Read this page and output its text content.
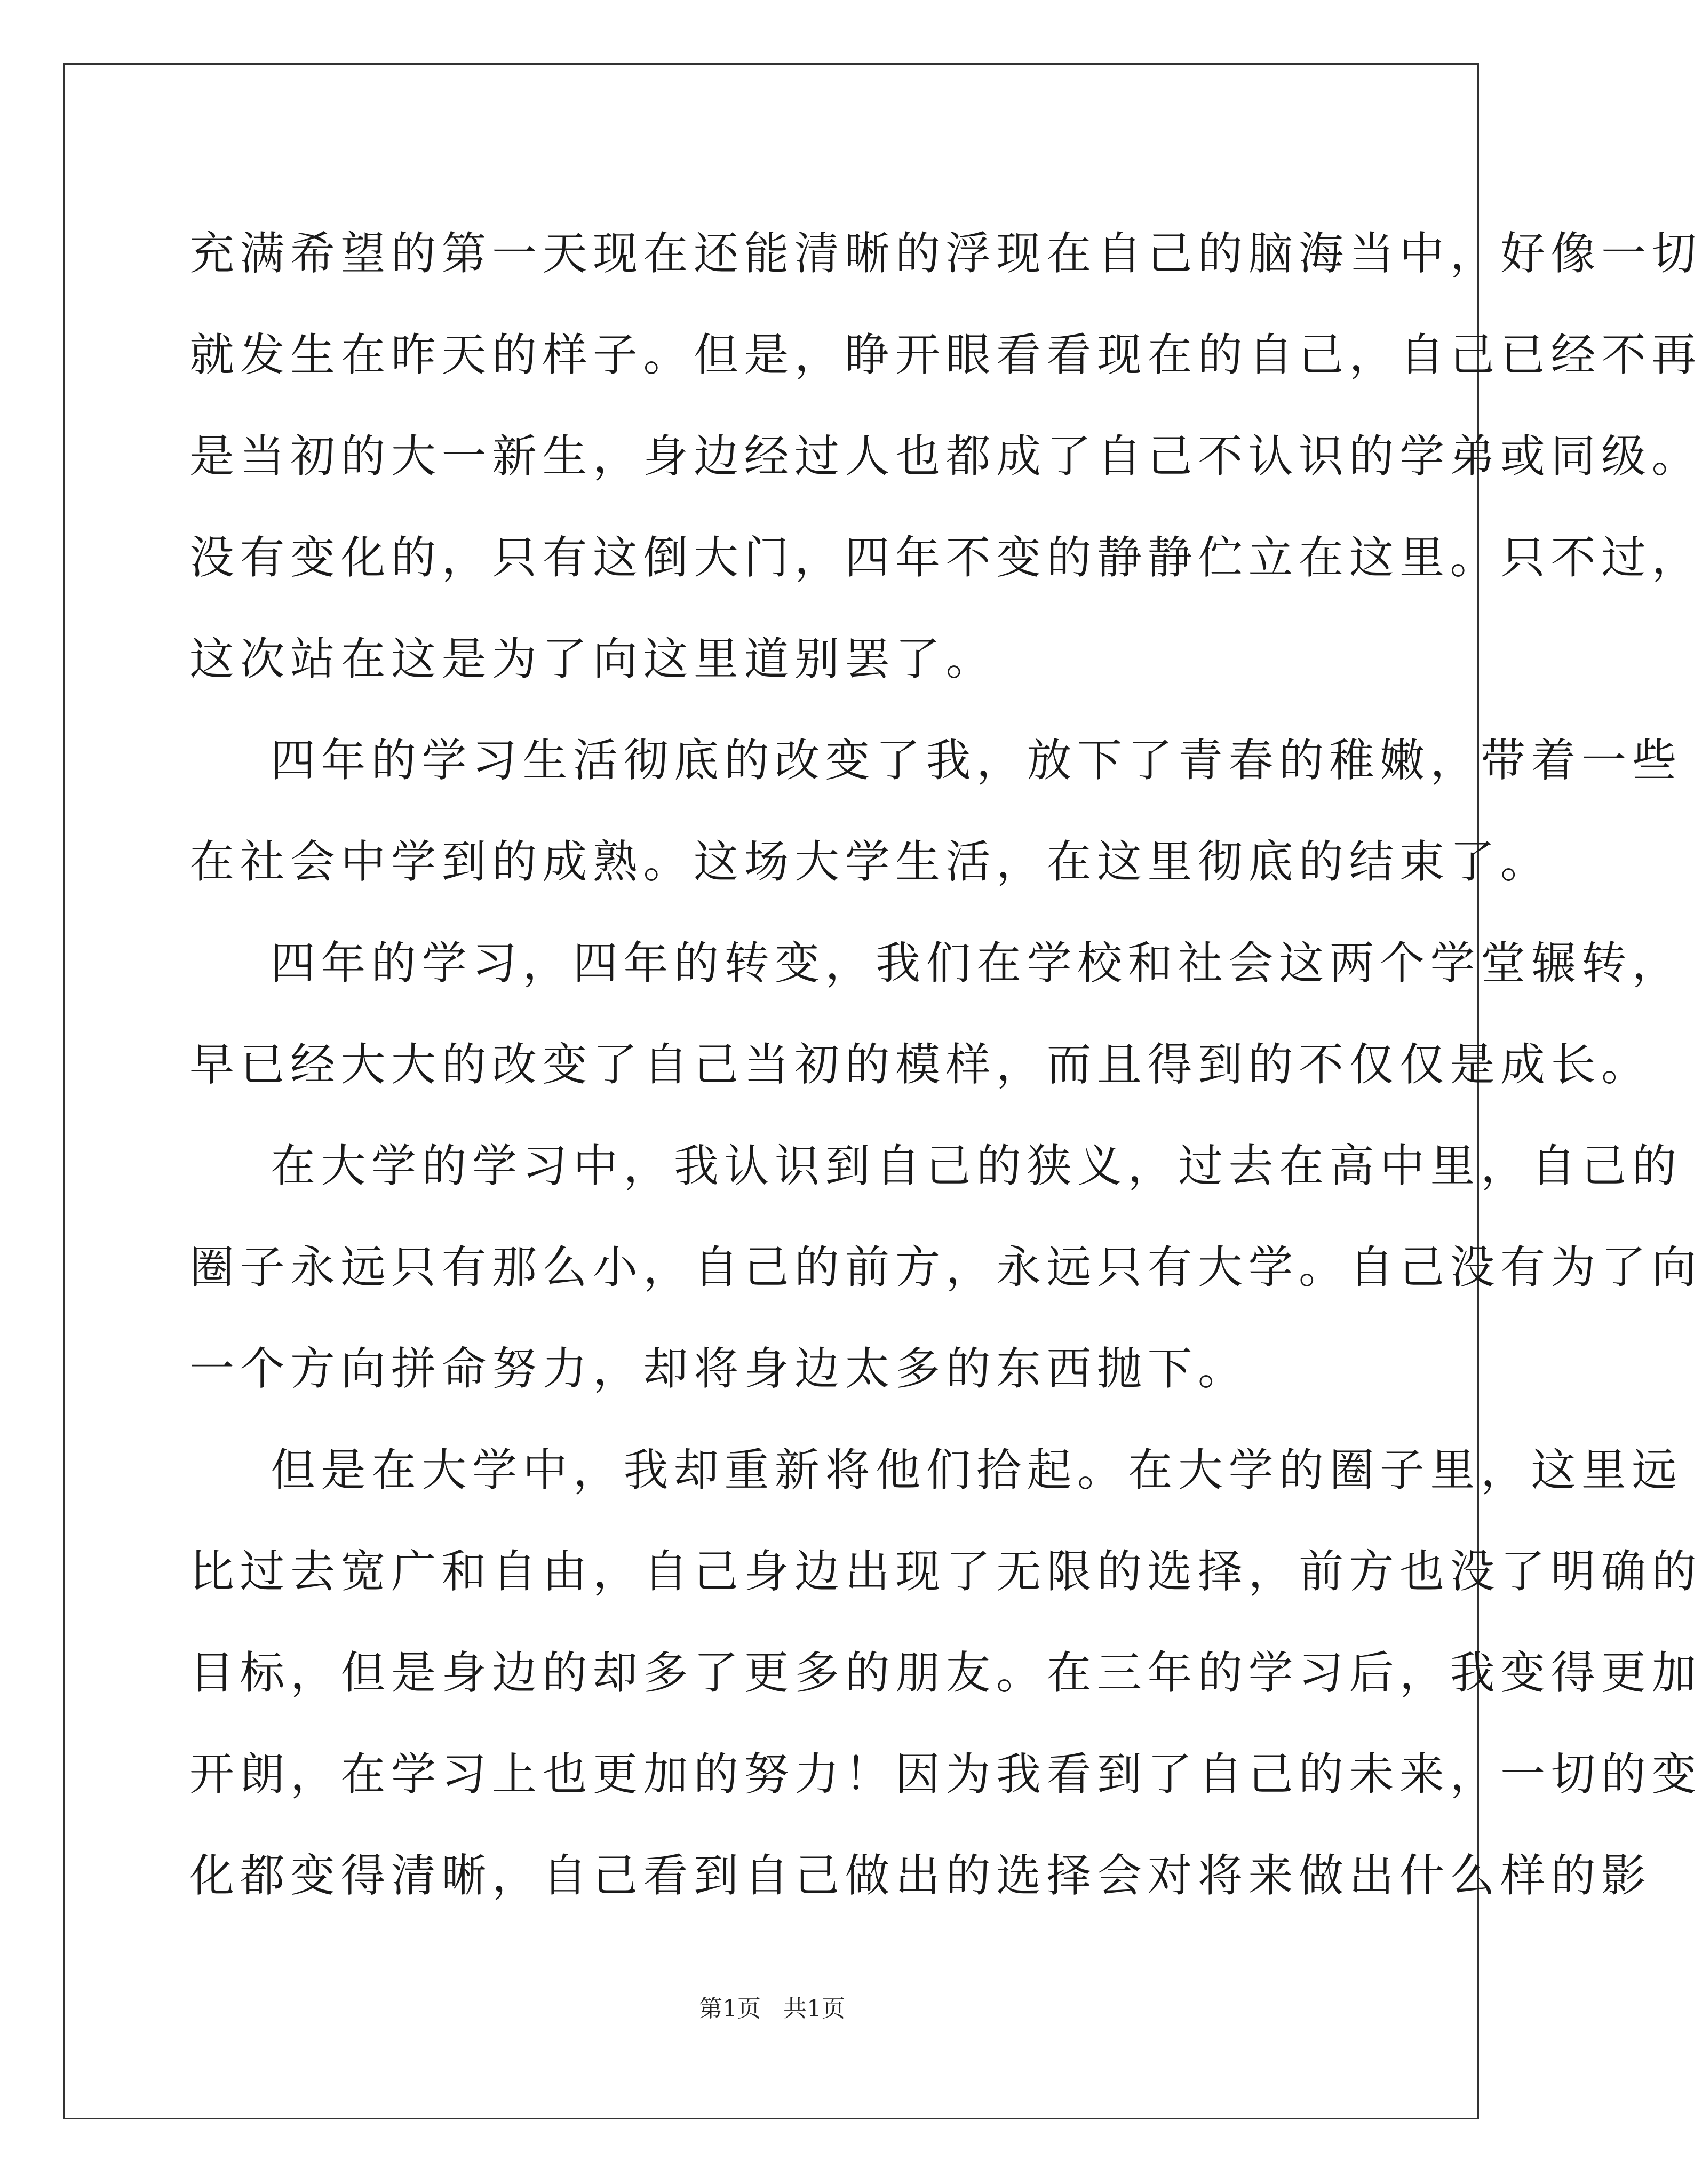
充满希望的第一天现在还能清晰的浮现在自己的脑海当中，好像一切
就发生在昨天的样子。但是，睁开眼看看现在的自己，自己已经不再
是当初的大一新生，身边经过人也都成了自己不认识的学弟或同级。
没有变化的，只有这倒大门，四年不变的静静伫立在这里。只不过，
这次站在这是为了向这里道别罢了。
四年的学习生活彻底的改变了我，放下了青春的稚嫩，带着一些
在社会中学到的成熟。这场大学生活，在这里彻底的结束了。
四年的学习，四年的转变，我们在学校和社会这两个学堂辗转，
早已经大大的改变了自己当初的模样，而且得到的不仅仅是成长。
在大学的学习中，我认识到自己的狭义，过去在高中里，自己的
圈子永远只有那么小，自己的前方，永远只有大学。自己没有为了向
一个方向拼命努力，却将身边太多的东西抛下。
但是在大学中，我却重新将他们拾起。在大学的圈子里，这里远
比过去宽广和自由，自己身边出现了无限的选择，前方也没了明确的
目标，但是身边的却多了更多的朋友。在三年的学习后，我变得更加
开朗，在学习上也更加的努力！因为我看到了自己的未来，一切的变
化都变得清晰，自己看到自己做出的选择会对将来做出什么样的影
第1页 共1页
